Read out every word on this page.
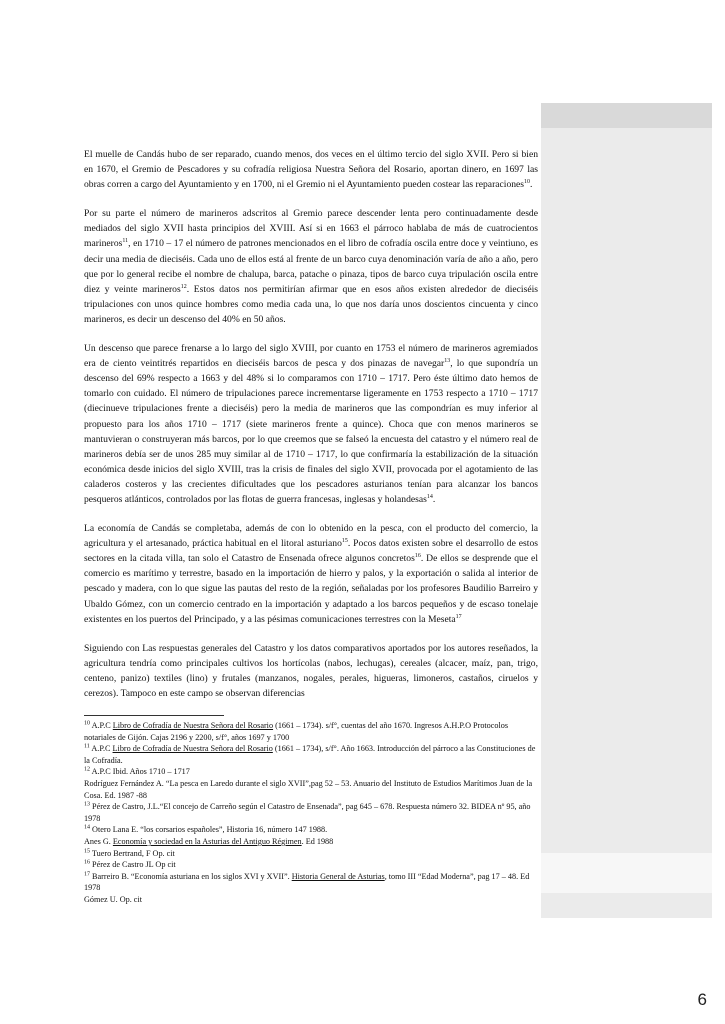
El muelle de Candás hubo de ser reparado, cuando menos, dos veces en el último tercio del siglo XVII. Pero si bien en 1670, el Gremio de Pescadores y su cofradía religiosa Nuestra Señora del Rosario, aportan dinero, en 1697 las obras corren a cargo del Ayuntamiento y en 1700, ni el Gremio ni el Ayuntamiento pueden costear las reparaciones$^{10}$.

Por su parte el número de marineros adscritos al Gremio parece descender lenta pero continuadamente desde mediados del siglo XVII hasta principios del XVIII. Así si en 1663 el párroco hablaba de más de cuatrocientos marineros$^{11}$, en 1710 – 17 el número de patrones mencionados en el libro de cofradía oscila entre doce y veintiuno, es decir una media de dieciséis. Cada uno de ellos está al frente de un barco cuya denominación varía de año a año, pero que por lo general recibe el nombre de chalupa, barca, patache o pinaza, tipos de barco cuya tripulación oscila entre diez y veinte marineros$^{12}$. Estos datos nos permitirían afirmar que en esos años existen alrededor de dieciséis tripulaciones con unos quince hombres como media cada una, lo que nos daría unos doscientos cincuenta y cinco marineros, es decir un descenso del 40% en 50 años.

Un descenso que parece frenarse a lo largo del siglo XVIII, por cuanto en 1753 el número de marineros agremiados era de ciento veintitrés repartidos en dieciséis barcos de pesca y dos pinazas de navegar$^{13}$, lo que supondría un descenso del 69% respecto a 1663 y del 48% si lo comparamos con 1710 – 1717. Pero éste último dato hemos de tomarlo con cuidado. El número de tripulaciones parece incrementarse ligeramente en 1753 respecto a 1710 – 1717 (diecinueve tripulaciones frente a dieciséis) pero la media de marineros que las compondrían es muy inferior al propuesto para los años 1710 – 1717 (siete marineros frente a quince). Choca que con menos marineros se mantuvieran o construyeran más barcos, por lo que creemos que se falseó la encuesta del catastro y el número real de marineros debía ser de unos 285 muy similar al de 1710 – 1717, lo que confirmaría la estabilización de la situación económica desde inicios del siglo XVIII, tras la crisis de finales del siglo XVII, provocada por el agotamiento de las caladeros costeros y las crecientes dificultades que los pescadores asturianos tenían para alcanzar los bancos pesqueros atlánticos, controlados por las flotas de guerra francesas, inglesas y holandesas$^{14}$.

La economía de Candás se completaba, además de con lo obtenido en la pesca, con el producto del comercio, la agricultura y el artesanado, práctica habitual en el litoral asturiano$^{15}$. Pocos datos existen sobre el desarrollo de estos sectores en la citada villa, tan solo el Catastro de Ensenada ofrece algunos concretos$^{16}$. De ellos se desprende que el comercio es marítimo y terrestre, basado en la importación de hierro y palos, y la exportación o salida al interior de pescado y madera, con lo que sigue las pautas del resto de la región, señaladas por los profesores Baudilio Barreiro y Ubaldo Gómez, con un comercio centrado en la importación y adaptado a los barcos pequeños y de escaso tonelaje existentes en los puertos del Principado, y a las pésimas comunicaciones terrestres con la Meseta$^{17}$

Siguiendo con Las respuestas generales del Catastro y los datos comparativos aportados por los autores reseñados, la agricultura tendría como principales cultivos los hortícolas (nabos, lechugas), cereales (alcacer, maíz, pan, trigo, centeno, panizo) textiles (lino) y frutales (manzanos, nogales, perales, higueras, limoneros, castaños, ciruelos y cerezos). Tampoco en este campo se observan diferencias

$^{10}$ A.P.C Libro de Cofradía de Nuestra Señora del Rosario (1661 – 1734). s/f°, cuentas del año 1670. Ingresos A.H.P.O Protocolos notariales de Gijón. Cajas 2196 y 2200, s/f°, años 1697 y 1700
$^{11}$ A.P.C Libro de Cofradía de Nuestra Señora del Rosario (1661 – 1734), s/f°. Año 1663. Introducción del párroco a las Constituciones de la Cofradía.
$^{12}$ A.P.C Ibid. Años 1710 – 1717
Rodríguez Fernández A. “La pesca en Laredo durante el siglo XVII”,pag 52 – 53. Anuario del Instituto de Estudios Marítimos Juan de la Cosa. Ed. 1987 -88
$^{13}$ Pérez de Castro, J.L.“El concejo de Carreño según el Catastro de Ensenada”, pag 645 – 678. Respuesta número 32. BIDEA nº 95, año 1978
$^{14}$ Otero Lana E. “los corsarios españoles”, Historia 16, número 147 1988.
Anes G. Economía y sociedad en la Asturias del Antiguo Régimen. Ed 1988
$^{15}$ Tuero Bertrand, F Op. cit
$^{16}$ Pérez de Castro JL Op cit
$^{17}$ Barreiro B. “Economía asturiana en los siglos XVI y XVII”. Historia General de Asturias, tomo III “Edad Moderna”, pag 17 – 48. Ed 1978
Gómez U. Op. cit
6
